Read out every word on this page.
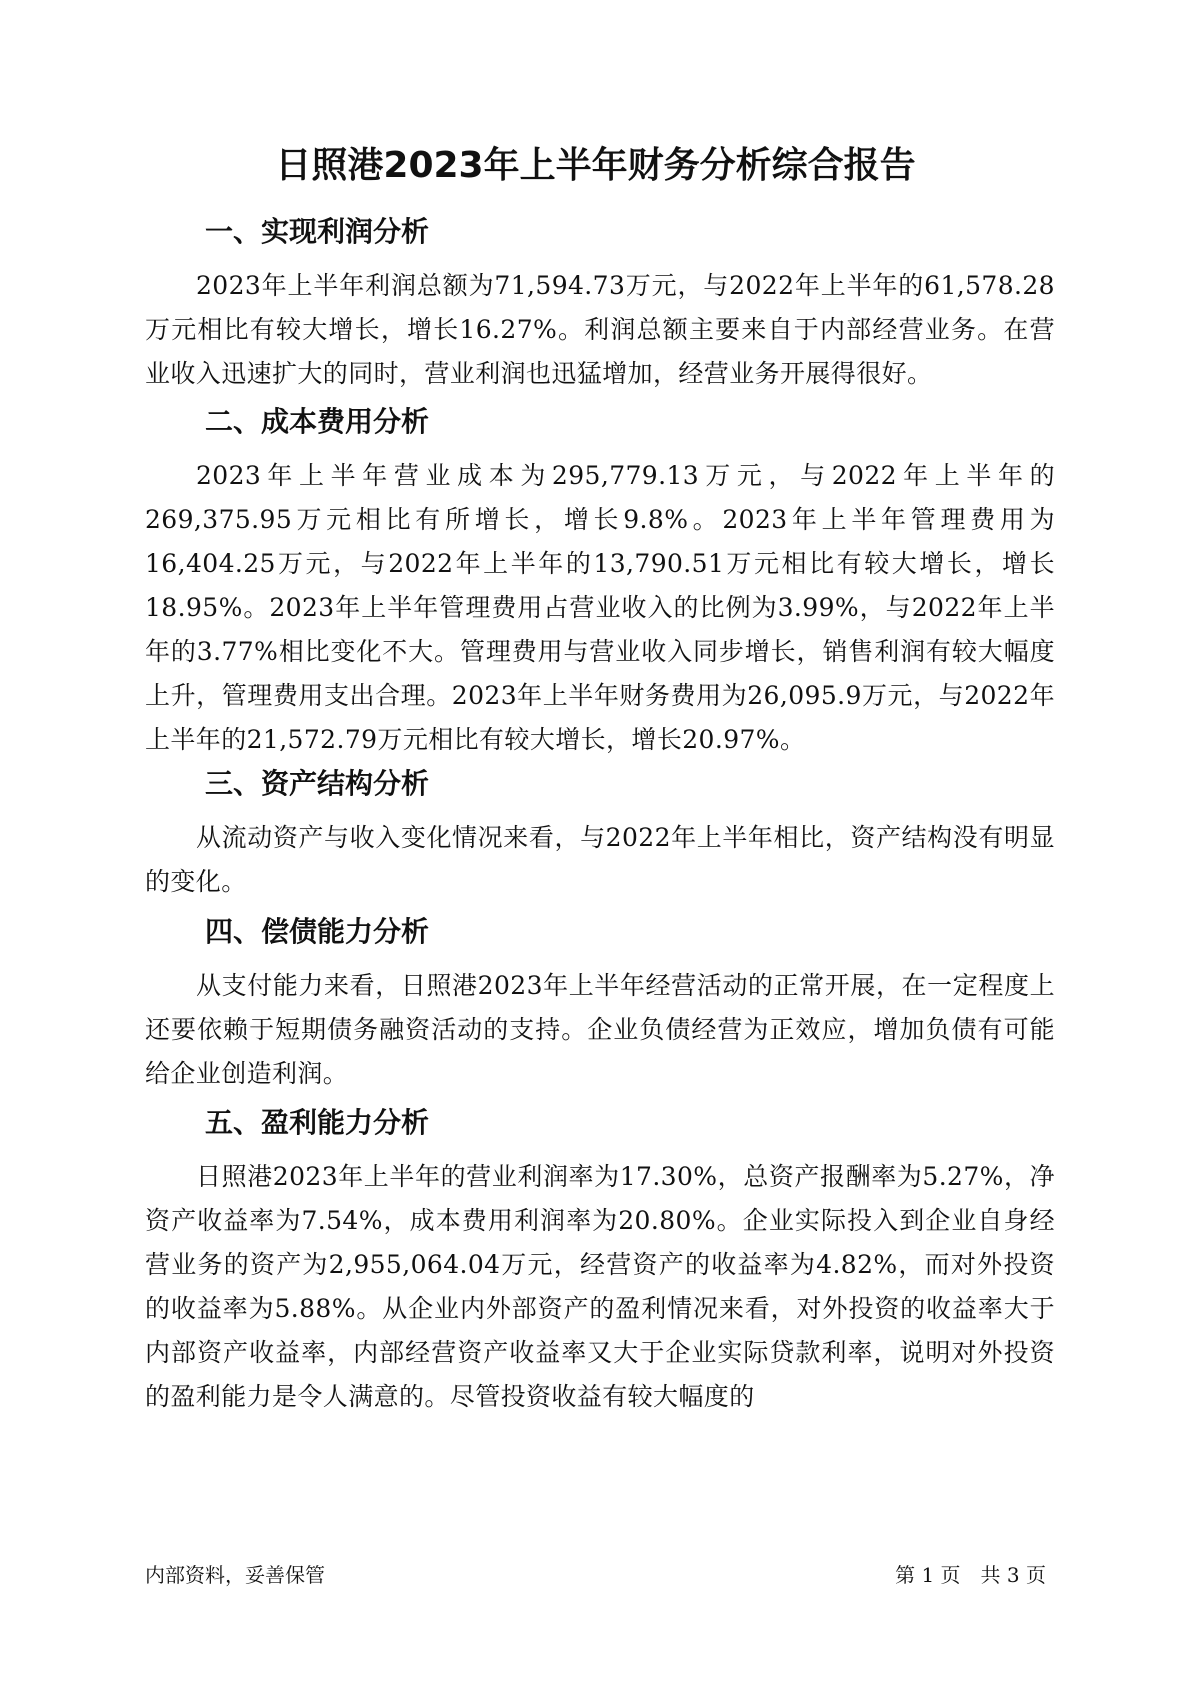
日照港2023年上半年财务分析综合报告
一、实现利润分析

2023年上半年利润总额为71,594.73万元，与2022年上半年的61,578.28万元相比有较大增长，增长16.27%。利润总额主要来自于内部经营业务。在营业收入迅速扩大的同时，营业利润也迅猛增加，经营业务开展得很好。

二、成本费用分析

2023年上半年营业成本为295,779.13万元，与2022年上半年的269,375.95万元相比有所增长，增长9.8%。2023年上半年管理费用为16,404.25万元，与2022年上半年的13,790.51万元相比有较大增长，增长18.95%。2023年上半年管理费用占营业收入的比例为3.99%，与2022年上半年的3.77%相比变化不大。管理费用与营业收入同步增长，销售利润有较大幅度上升，管理费用支出合理。2023年上半年财务费用为26,095.9万元，与2022年上半年的21,572.79万元相比有较大增长，增长20.97%。

三、资产结构分析

从流动资产与收入变化情况来看，与2022年上半年相比，资产结构没有明显的变化。

四、偿债能力分析

从支付能力来看，日照港2023年上半年经营活动的正常开展，在一定程度上还要依赖于短期债务融资活动的支持。企业负债经营为正效应，增加负债有可能给企业创造利润。

五、盈利能力分析

日照港2023年上半年的营业利润率为17.30%，总资产报酬率为5.27%，净资产收益率为7.54%，成本费用利润率为20.80%。企业实际投入到企业自身经营业务的资产为2,955,064.04万元，经营资产的收益率为4.82%，而对外投资的收益率为5.88%。从企业内外部资产的盈利情况来看，对外投资的收益率大于内部资产收益率，内部经营资产收益率又大于企业实际贷款利率，说明对外投资的盈利能力是令人满意的。尽管投资收益有较大幅度的

内部资料，妥善保管	第 1 页　共 3 页
